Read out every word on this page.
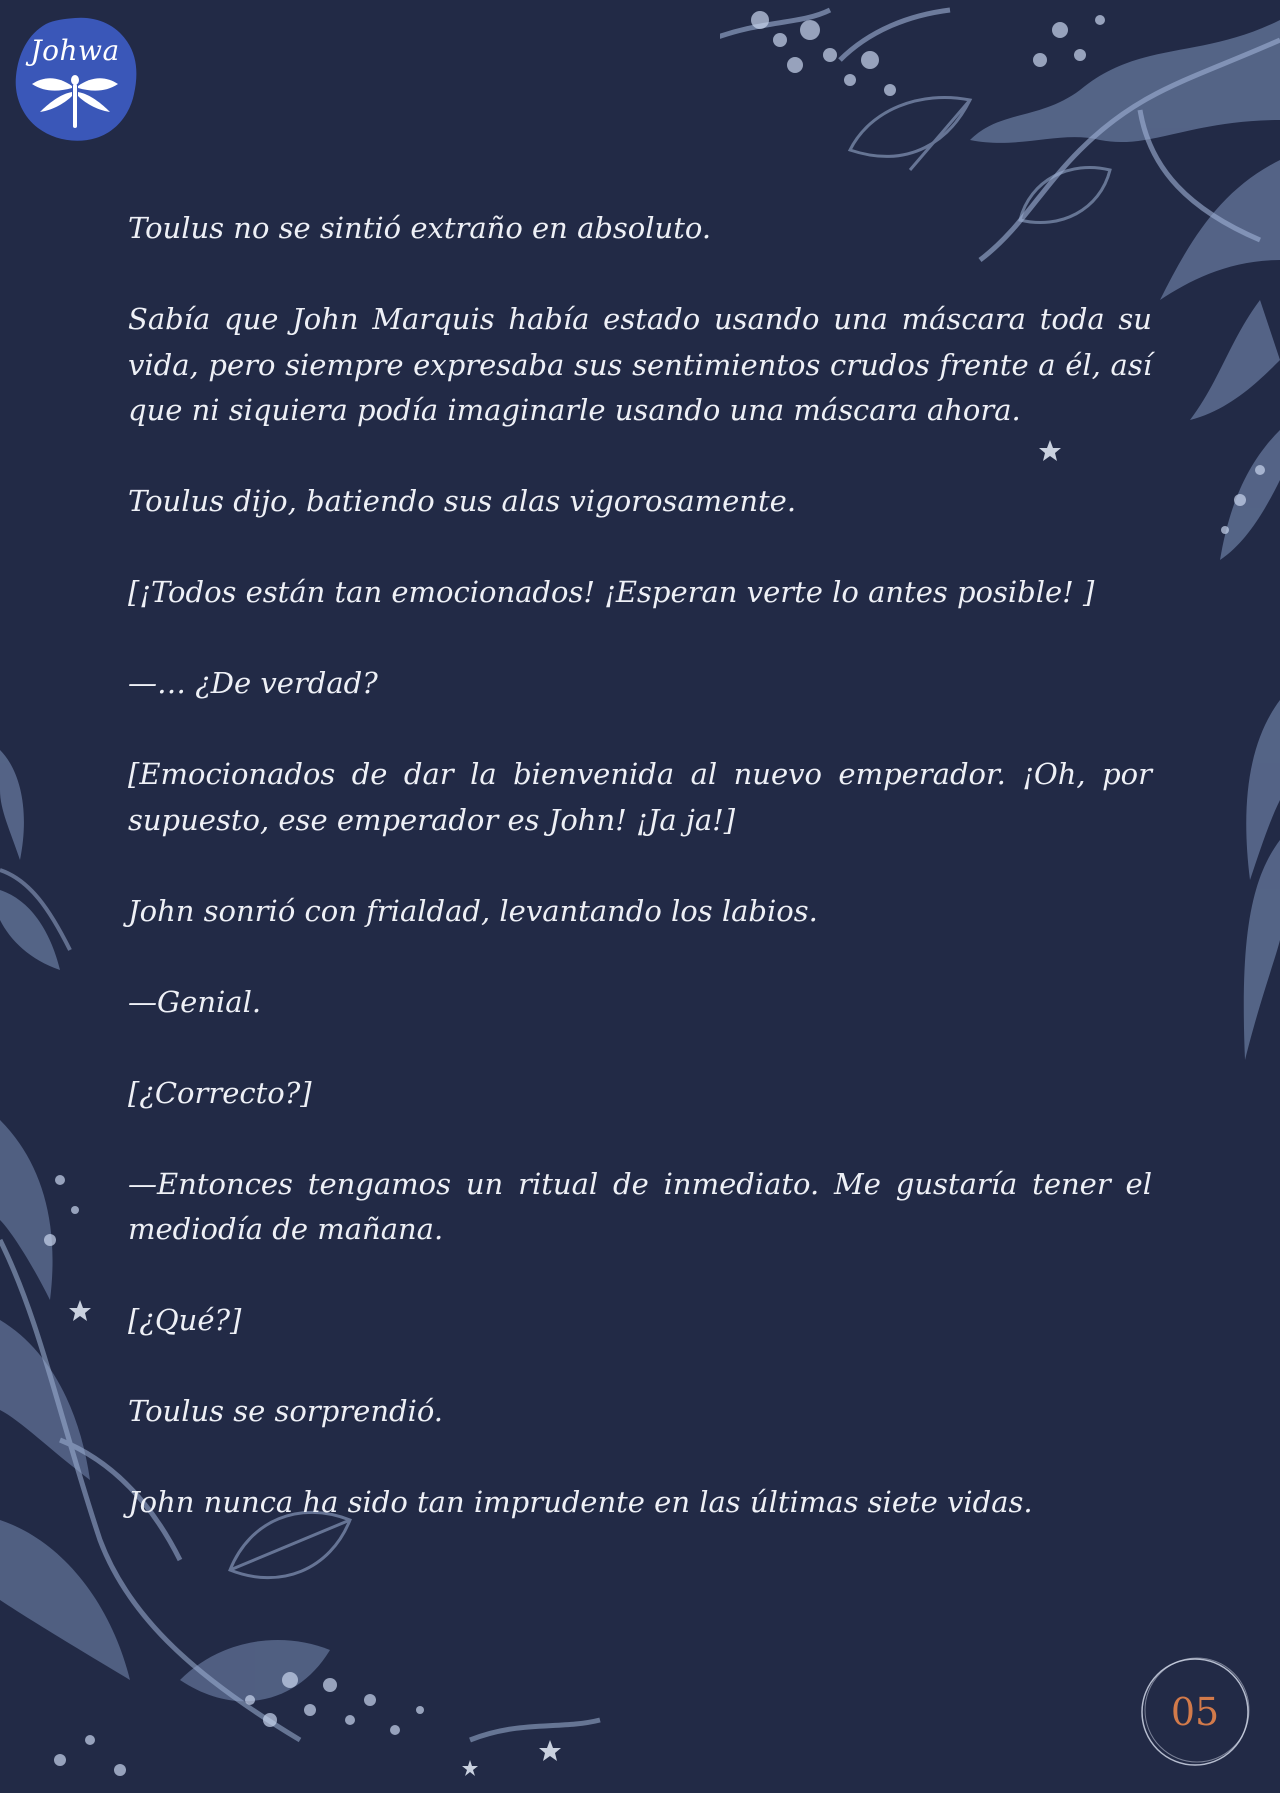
Johwa

Toulus no se sintió extraño en absoluto.

Sabía que John Marquis había estado usando una máscara toda su vida, pero siempre expresaba sus sentimientos crudos frente a él, así que ni siquiera podía imaginarle usando una máscara ahora.

Toulus dijo, batiendo sus alas vigorosamente.

[¡Todos están tan emocionados! ¡Esperan verte lo antes posible! ]

—… ¿De verdad?

[Emocionados de dar la bienvenida al nuevo emperador. ¡Oh, por supuesto, ese emperador es John! ¡Ja ja!]

John sonrió con frialdad, levantando los labios.

—Genial.

[¿Correcto?]

—Entonces tengamos un ritual de inmediato. Me gustaría tener el mediodía de mañana.

[¿Qué?]

Toulus se sorprendió.

John nunca ha sido tan imprudente en las últimas siete vidas.

05
